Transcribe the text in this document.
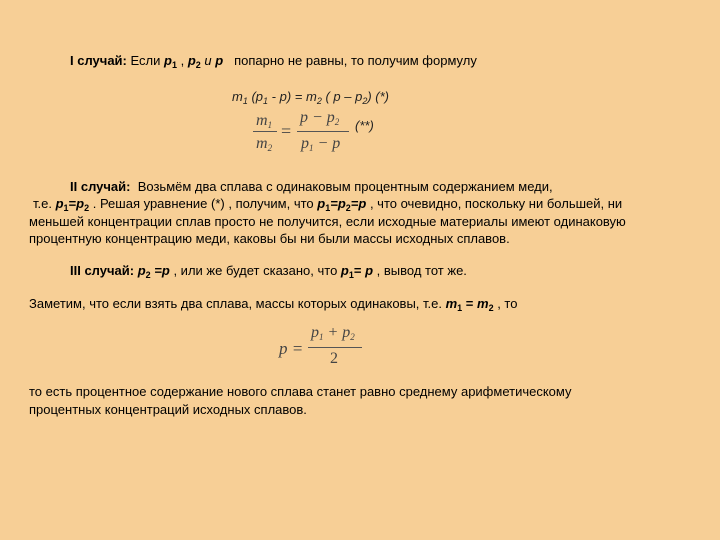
I случай: Если $p_1$ , $p_2$ и p попарно не равны, то получим формулу
$m_1$ $(p_1 - p) = m_2$ ( p – $p_2$) (*)
$m_1$
$m_2$
=
$p - p_2$
$p_1 - p$
(**)
II случай: Возьмём два сплава с одинаковым процентным содержанием меди,
т.е. $p_1=p_2$ . Решая уравнение (*) , получим, что $p_1=p_2=p$ , что очевидно, поскольку ни большей, ни
меньшей концентрации сплав просто не получится, если исходные материалы имеют одинаковую
процентную концентрацию меди, каковы бы ни были массы исходных сплавов.
III случай: $p_2 =p$ , или же будет сказано, что $p_1= p$ , вывод тот же.
Заметим, что если взять два сплава, массы которых одинаковы, т.е. $m_1 = m_2$ , то
p =
$p_1 + p_2$
2
то есть процентное содержание нового сплава станет равно среднему арифметическому
процентных концентраций исходных сплавов.
